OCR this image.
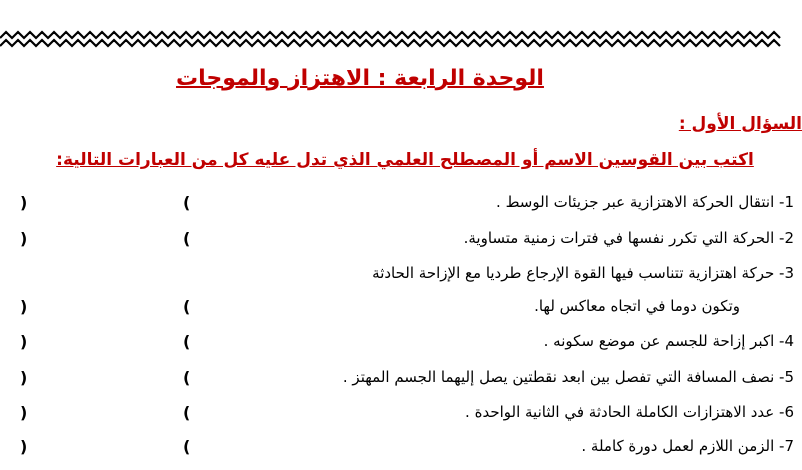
الوحدة الرابعة : الاهتزاز والموجات
السؤال الأول :
اكتب بين القوسين الاسم أو المصطلح العلمي الذي تدل عليه كل من العبارات التالية:
1- انتقال الحركة الاهتزازية عبر جزيئات الوسط .
2- الحركة التي تكرر نفسها في فترات زمنية متساوية.
3- حركة اهتزازية تتناسب فيها القوة الإرجاع طرديا مع الإزاحة الحادثة
وتكون دوما في اتجاه معاكس لها.
4- اكبر إزاحة للجسم عن موضع سكونه .
5- نصف المسافة التي تفصل بين ابعد نقطتين يصل إليهما الجسم المهتز .
6- عدد الاهتزازات الكاملة الحادثة في الثانية الواحدة .
7- الزمن اللازم لعمل دورة كاملة .
(
)
(
)
(
)
(
)
(
)
(
)
(
)
